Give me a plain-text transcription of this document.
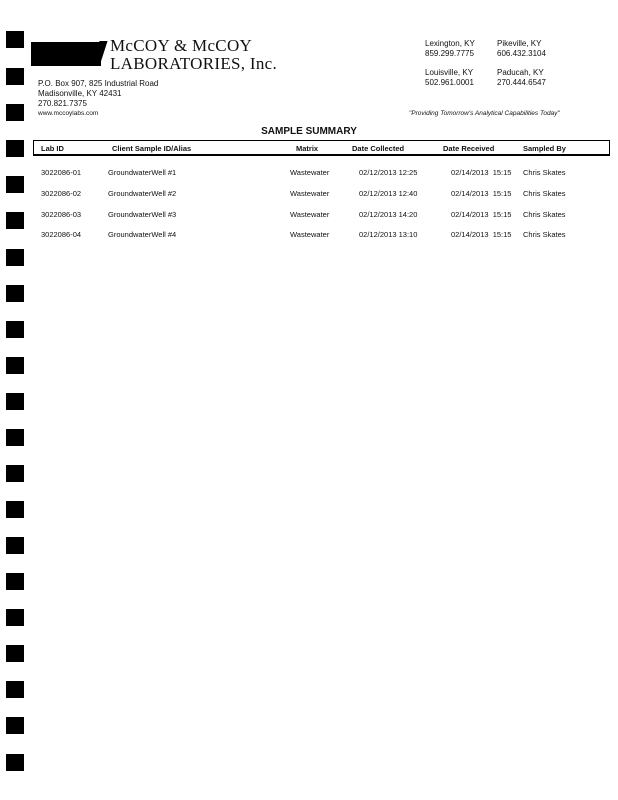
McCOY & McCOY
LABORATORIES, Inc.
P.O. Box 907, 825 Industrial Road
Madisonville, KY 42431
270.821.7375
www.mccoylabs.com
Lexington, KY
859.299.7775
Pikeville, KY
606.432.3104
Louisville, KY
502.961.0001
Paducah, KY
270.444.6547
"Providing Tomorrow's Analytical Capabilities Today"
SAMPLE SUMMARY
Lab ID	Client Sample ID/Alias	Matrix	Date Collected	Date Received	Sampled By
3022086-01	GroundwaterWell #1	Wastewater	02/12/2013 12:25	02/14/2013  15:15 Chris Skates
3022086-02	GroundwaterWell #2	Wastewater	02/12/2013 12:40	02/14/2013  15:15 Chris Skates
3022086-03	GroundwaterWell #3	Wastewater	02/12/2013 14:20	02/14/2013  15:15 Chris Skates
3022086-04	GroundwaterWell #4	Wastewater	02/12/2013 13:10	02/14/2013  15:15 Chris Skates
